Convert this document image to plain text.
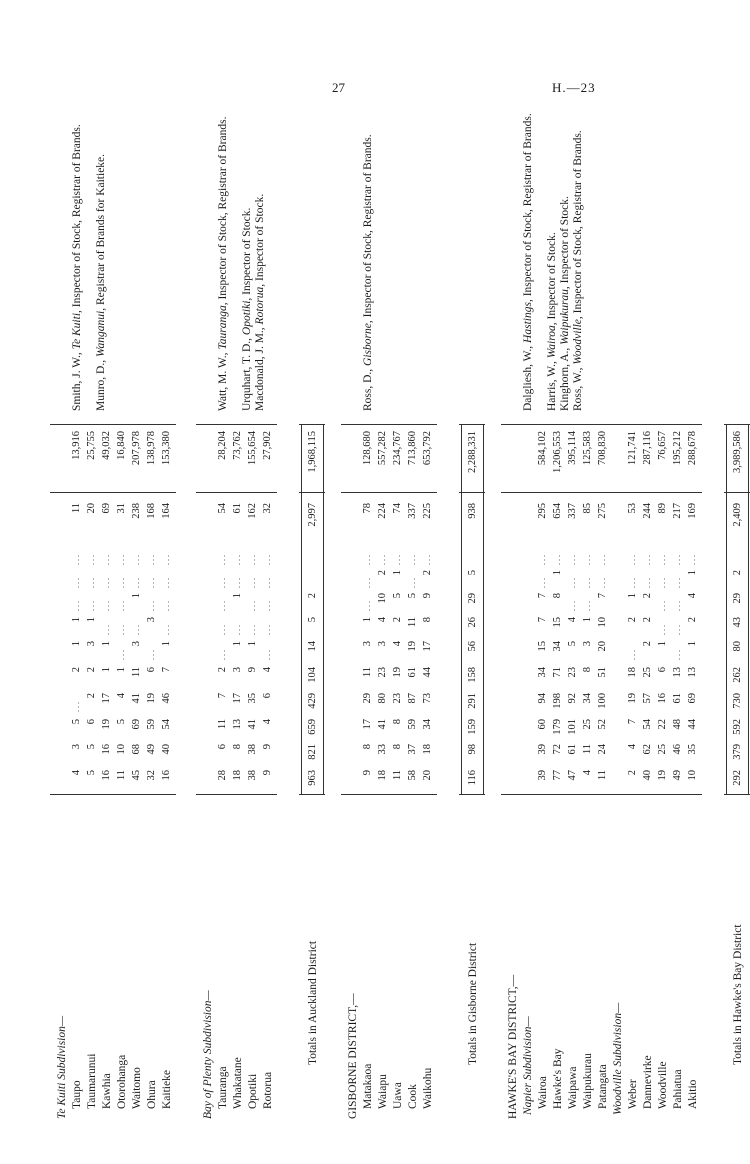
27	H.—23
Te Kuiti Subdivision— Taupo
4
3
5
...
2
1
1
...
...
...
11
13,916
Taumarunui
5
5
6
2
2
3
1
...
...
...
20
25,755
Kawhia
16
16
19
17
1
1
...
...
...
...
69
49,032
Otorohanga
11
10
5
4
1
...
...
...
...
...
31
16,840
Waitomo
45
68
69
41
11
3
...
1
...
...
238
207,978
Ohura
32
49
59
19
6
...
3
...
...
...
168
138,978
Kaitieke
16
40
54
46
7
1
...
...
...
...
164
153,380
Smith, J. W., Te Kuiti, Inspector of Stock, Registrar of Brands.
Munro, D., Wanganui, Registrar of Brands for Kaitieke.
Bay of Plenty Subdivision— Tauranga
28
6
11
7
2
...
...
...
...
...
54
28,204
Whakatane
18
8
13
17
3
1
...
1
...
...
61
73,762
Opotiki
38
38
41
35
9
1
...
...
...
...
162
155,654
Rotorua
9
9
4
6
4
...
...
...
...
...
32
27,902
Watt, M. W., Tauranga, Inspector of Stock, Registrar of Brands.
Urquhart, T. D., Opotiki, Inspector of Stock.
Macdonald, J. M., Rotorua, Inspector of Stock.
Totals in Auckland District
963
821
659
429
104
14
5
2
2,997
1,968,115
GISBORNE DISTRICT,— Matakaoa
9
8
17
29
11
3
1
...
...
...
78
128,680
Waiapu
18
33
41
80
23
3
4
10
2
...
224
557,282
Uawa
11
8
8
23
19
4
2
5
1
...
74
234,767
Cook
58
37
59
87
61
19
11
5
...
...
337
713,860
Waikohu
20
18
34
73
44
17
8
9
2
...
225
653,792
Ross, D., Gisborne, Inspector of Stock, Registrar of Brands.
Totals in Gisborne District
116
98
159
291
158
56
26
29
5
938
2,288,331
HAWKE'S BAY DISTRICT,— Napier Subdivision— Wairoa
39
39
60
94
34
15
7
7
...
...
295
584,102
Hawke's Bay
77
72
179
198
71
34
15
8
1
...
654
1,206,553
Waipawa
47
61
101
92
23
5
4
...
...
...
337
395,114
Waipukurau
4
11
25
34
8
3
1
...
...
...
85
125,583
Patangata
11
24
52
100
51
20
10
7
...
...
275
708,830
Woodville Subdivision— Weber
2
4
7
19
18
...
2
1
...
...
53
121,741
Dannevirke
40
62
54
57
25
2
2
2
...
...
244
287,116
Woodville
19
25
22
16
6
1
...
...
...
...
89
76,657
Pahiatua
49
46
48
61
13
...
...
...
...
...
217
195,212
Akitio
10
35
44
69
13
1
2
4
1
...
169
288,678
Dalgliesh, W., Hastings, Inspector of Stock, Registrar of Brands.
Harris, W., Wairoa, Inspector of Stock.
Kinghorn, A., Waipukurau, Inspector of Stock.
Ross, W., Woodville, Inspector of Stock, Registrar of Brands.
Totals in Hawke's Bay District
292
379
592
730
262
80
43
29
2
2,409
3,989,586
